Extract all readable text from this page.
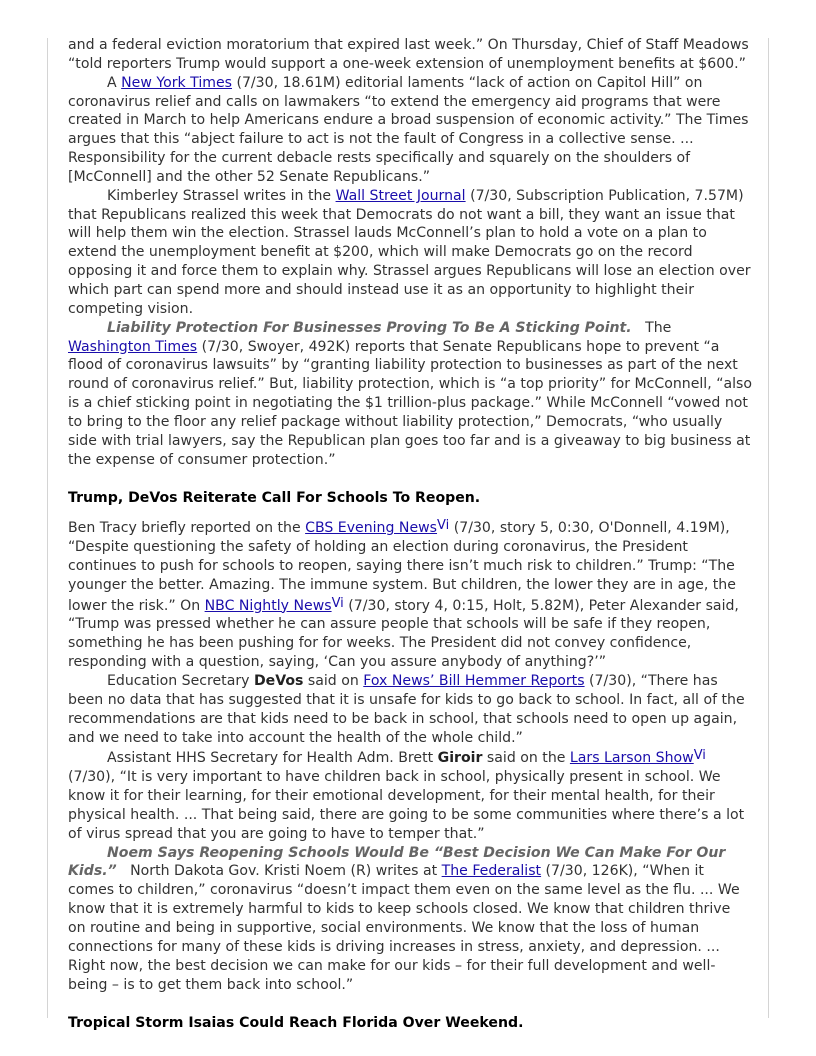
and a federal eviction moratorium that expired last week.” On Thursday, Chief of Staff Meadows “told reporters Trump would support a one-week extension of unemployment benefits at $600.”

A New York Times (7/30, 18.61M) editorial laments “lack of action on Capitol Hill” on coronavirus relief and calls on lawmakers “to extend the emergency aid programs that were created in March to help Americans endure a broad suspension of economic activity.” The Times argues that this “abject failure to act is not the fault of Congress in a collective sense. ... Responsibility for the current debacle rests specifically and squarely on the shoulders of [McConnell] and the other 52 Senate Republicans.”

Kimberley Strassel writes in the Wall Street Journal (7/30, Subscription Publication, 7.57M) that Republicans realized this week that Democrats do not want a bill, they want an issue that will help them win the election. Strassel lauds McConnell’s plan to hold a vote on a plan to extend the unemployment benefit at $200, which will make Democrats go on the record opposing it and force them to explain why. Strassel argues Republicans will lose an election over which part can spend more and should instead use it as an opportunity to highlight their competing vision.

Liability Protection For Businesses Proving To Be A Sticking Point. The Washington Times (7/30, Swoyer, 492K) reports that Senate Republicans hope to prevent “a flood of coronavirus lawsuits” by “granting liability protection to businesses as part of the next round of coronavirus relief.” But, liability protection, which is “a top priority” for McConnell, “also is a chief sticking point in negotiating the $1 trillion-plus package.” While McConnell “vowed not to bring to the floor any relief package without liability protection,” Democrats, “who usually side with trial lawyers, say the Republican plan goes too far and is a giveaway to big business at the expense of consumer protection.”

Trump, DeVos Reiterate Call For Schools To Reopen.

Ben Tracy briefly reported on the CBS Evening NewsVi (7/30, story 5, 0:30, O'Donnell, 4.19M), “Despite questioning the safety of holding an election during coronavirus, the President continues to push for schools to reopen, saying there isn’t much risk to children.” Trump: “The younger the better. Amazing. The immune system. But children, the lower they are in age, the lower the risk.” On NBC Nightly NewsVi (7/30, story 4, 0:15, Holt, 5.82M), Peter Alexander said, “Trump was pressed whether he can assure people that schools will be safe if they reopen, something he has been pushing for for weeks. The President did not convey confidence, responding with a question, saying, ‘Can you assure anybody of anything?’”

Education Secretary DeVos said on Fox News’ Bill Hemmer Reports (7/30), “There has been no data that has suggested that it is unsafe for kids to go back to school. In fact, all of the recommendations are that kids need to be back in school, that schools need to open up again, and we need to take into account the health of the whole child.”

Assistant HHS Secretary for Health Adm. Brett Giroir said on the Lars Larson ShowVi (7/30), “It is very important to have children back in school, physically present in school. We know it for their learning, for their emotional development, for their mental health, for their physical health. ... That being said, there are going to be some communities where there’s a lot of virus spread that you are going to have to temper that.”

Noem Says Reopening Schools Would Be “Best Decision We Can Make For Our Kids.” North Dakota Gov. Kristi Noem (R) writes at The Federalist (7/30, 126K), “When it comes to children,” coronavirus “doesn’t impact them even on the same level as the flu. ... We know that it is extremely harmful to kids to keep schools closed. We know that children thrive on routine and being in supportive, social environments. We know that the loss of human connections for many of these kids is driving increases in stress, anxiety, and depression. ... Right now, the best decision we can make for our kids – for their full development and well-being – is to get them back into school.”

Tropical Storm Isaias Could Reach Florida Over Weekend.
